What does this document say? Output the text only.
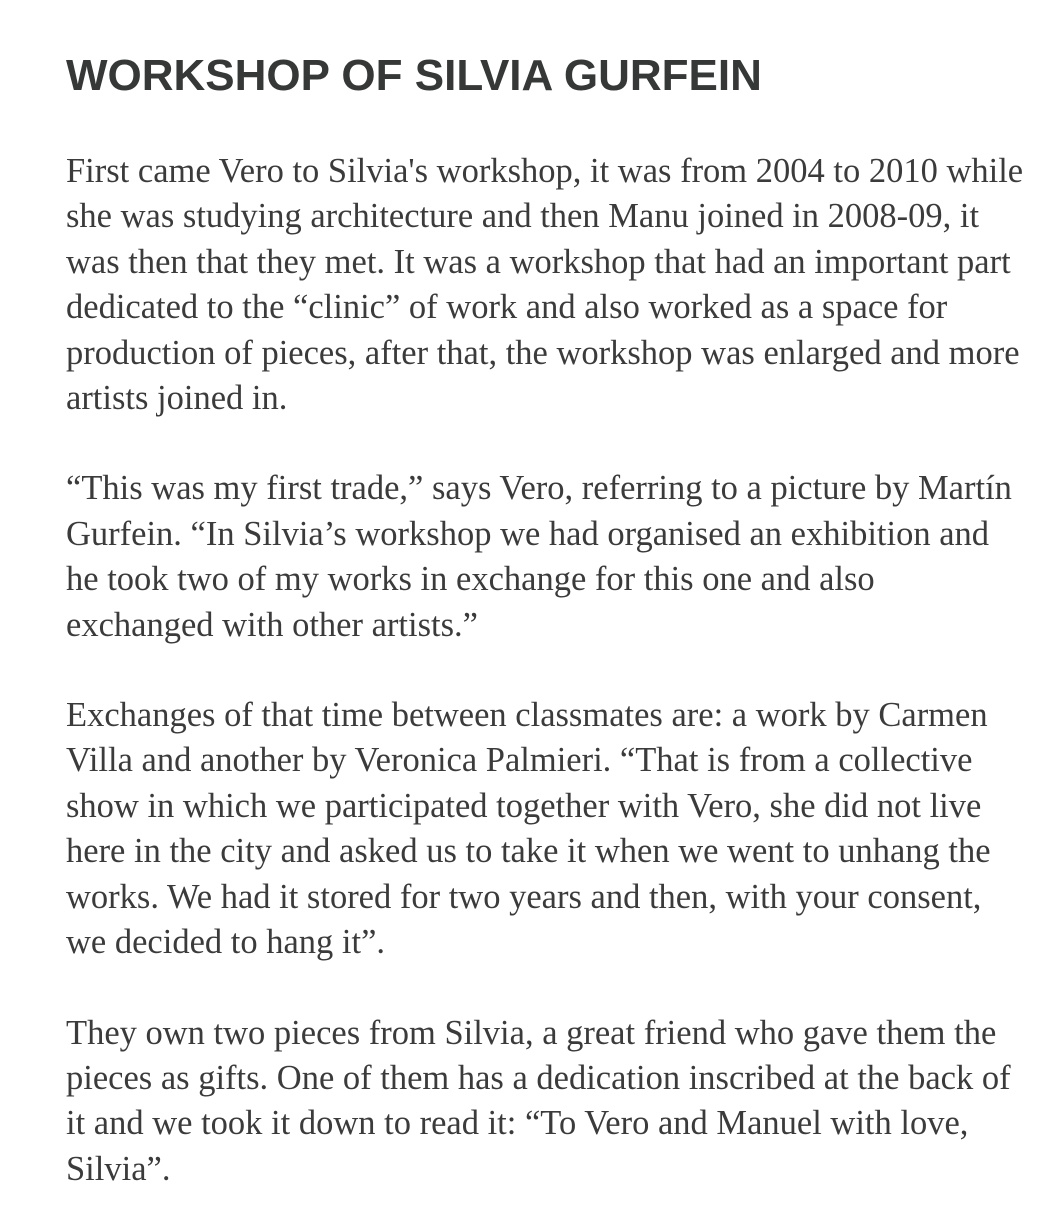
WORKSHOP OF SILVIA GURFEIN

First came Vero to Silvia's workshop, it was from 2004 to 2010 while she was studying architecture and then Manu joined in 2008-09, it was then that they met. It was a workshop that had an important part dedicated to the “clinic” of work and also worked as a space for production of pieces, after that, the workshop was enlarged and more artists joined in.

“This was my first trade,” says Vero, referring to a picture by Martín Gurfein. “In Silvia’s workshop we had organised an exhibition and he took two of my works in exchange for this one and also exchanged with other artists.”

Exchanges of that time between classmates are: a work by Carmen Villa and another by Veronica Palmieri. “That is from a collective show in which we participated together with Vero, she did not live here in the city and asked us to take it when we went to unhang the works. We had it stored for two years and then, with your consent, we decided to hang it”.

They own two pieces from Silvia, a great friend who gave them the pieces as gifts. One of them has a dedication inscribed at the back of it and we took it down to read it: “To Vero and Manuel with love, Silvia”.
